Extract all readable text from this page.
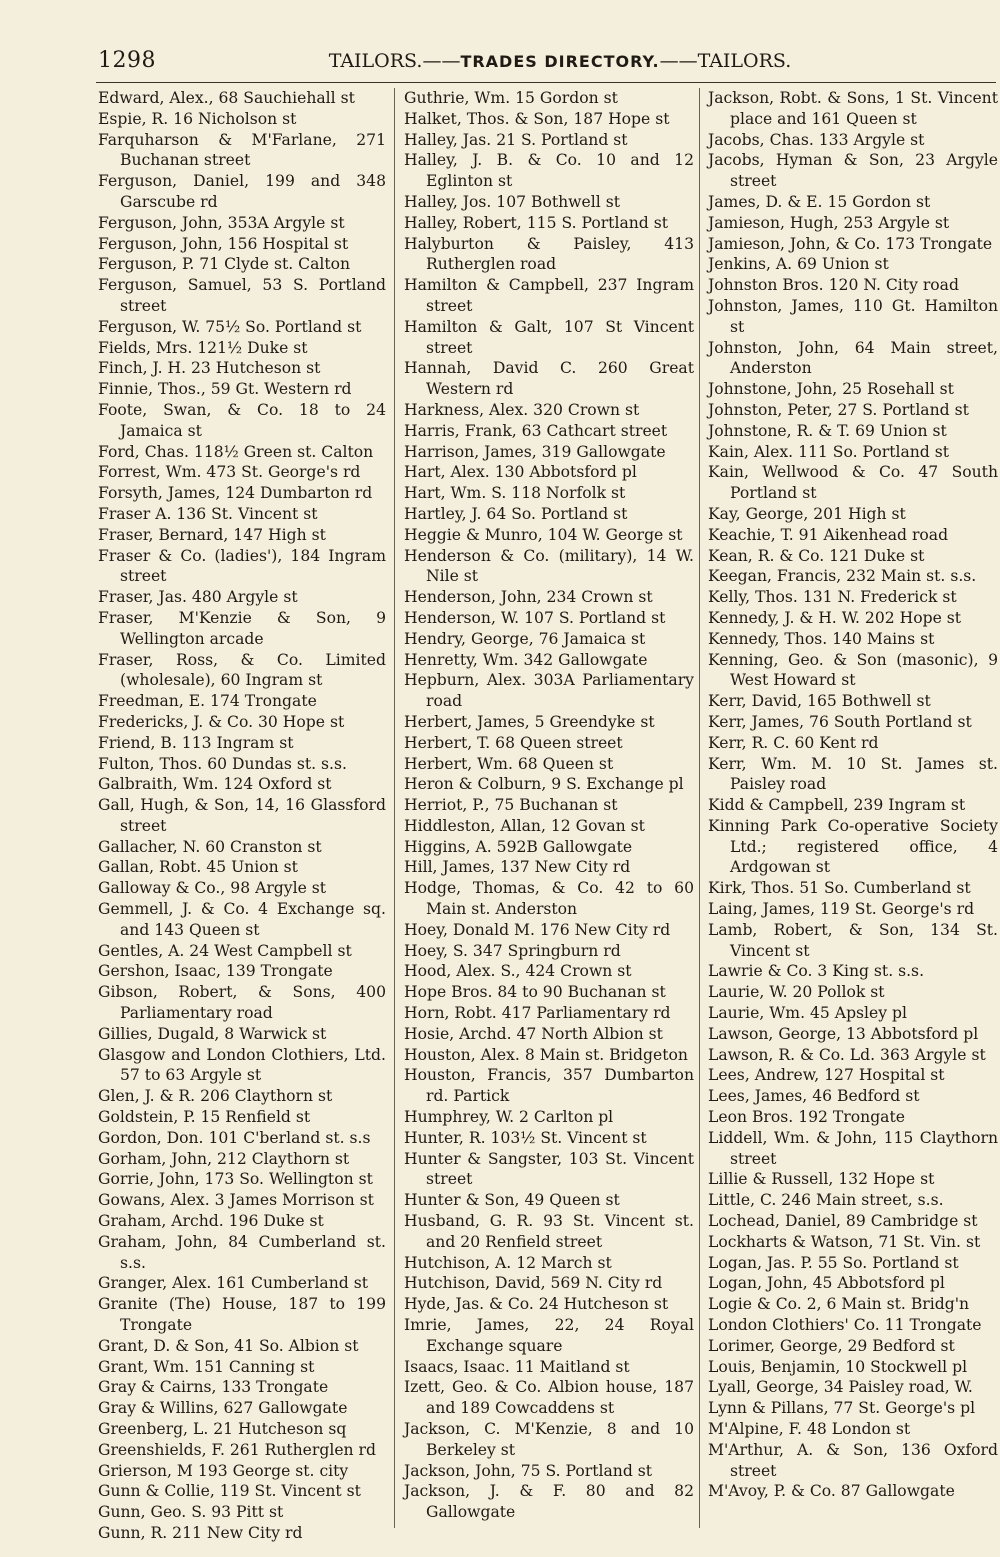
1298	TAILORS.——TRADES DIRECTORY.——TAILORS.

Edward, Alex., 68 Sauchiehall st

Espie, R. 16 Nicholson st

Farquharson & M'Farlane, 271 Buchanan street

Ferguson, Daniel, 199 and 348 Garscube rd

Ferguson, John, 353A Argyle st

Ferguson, John, 156 Hospital st

Ferguson, P. 71 Clyde st. Calton

Ferguson, Samuel, 53 S. Portland street

Ferguson, W. 75½ So. Portland st

Fields, Mrs. 121½ Duke st

Finch, J. H. 23 Hutcheson st

Finnie, Thos., 59 Gt. Western rd

Foote, Swan, & Co. 18 to 24 Jamaica st

Ford, Chas. 118½ Green st. Calton

Forrest, Wm. 473 St. George's rd

Forsyth, James, 124 Dumbarton rd

Fraser A. 136 St. Vincent st

Fraser, Bernard, 147 High st

Fraser & Co. (ladies'), 184 Ingram street

Fraser, Jas. 480 Argyle st

Fraser, M'Kenzie & Son, 9 Wellington arcade

Fraser, Ross, & Co. Limited (wholesale), 60 Ingram st

Freedman, E. 174 Trongate

Fredericks, J. & Co. 30 Hope st

Friend, B. 113 Ingram st

Fulton, Thos. 60 Dundas st. s.s.

Galbraith, Wm. 124 Oxford st

Gall, Hugh, & Son, 14, 16 Glassford street

Gallacher, N. 60 Cranston st

Gallan, Robt. 45 Union st

Galloway & Co., 98 Argyle st

Gemmell, J. & Co. 4 Exchange sq. and 143 Queen st

Gentles, A. 24 West Campbell st

Gershon, Isaac, 139 Trongate

Gibson, Robert, & Sons, 400 Parliamentary road

Gillies, Dugald, 8 Warwick st

Glasgow and London Clothiers, Ltd. 57 to 63 Argyle st

Glen, J. & R. 206 Claythorn st

Goldstein, P. 15 Renfield st

Gordon, Don. 101 C'berland st. s.s

Gorham, John, 212 Claythorn st

Gorrie, John, 173 So. Wellington st

Gowans, Alex. 3 James Morrison st

Graham, Archd. 196 Duke st

Graham, John, 84 Cumberland st. s.s.

Granger, Alex. 161 Cumberland st

Granite (The) House, 187 to 199 Trongate

Grant, D. & Son, 41 So. Albion st

Grant, Wm. 151 Canning st

Gray & Cairns, 133 Trongate

Gray & Willins, 627 Gallowgate

Greenberg, L. 21 Hutcheson sq

Greenshields, F. 261 Rutherglen rd

Grierson, M 193 George st. city

Gunn & Collie, 119 St. Vincent st

Gunn, Geo. S. 93 Pitt st

Gunn, R. 211 New City rd

Guthrie, Wm. 15 Gordon st

Halket, Thos. & Son, 187 Hope st

Halley, Jas. 21 S. Portland st

Halley, J. B. & Co. 10 and 12 Eglinton st

Halley, Jos. 107 Bothwell st

Halley, Robert, 115 S. Portland st

Halyburton & Paisley, 413 Rutherglen road

Hamilton & Campbell, 237 Ingram street

Hamilton & Galt, 107 St Vincent street

Hannah, David C. 260 Great Western rd

Harkness, Alex. 320 Crown st

Harris, Frank, 63 Cathcart street

Harrison, James, 319 Gallowgate

Hart, Alex. 130 Abbotsford pl

Hart, Wm. S. 118 Norfolk st

Hartley, J. 64 So. Portland st

Heggie & Munro, 104 W. George st

Henderson & Co. (military), 14 W. Nile st

Henderson, John, 234 Crown st

Henderson, W. 107 S. Portland st

Hendry, George, 76 Jamaica st

Henretty, Wm. 342 Gallowgate

Hepburn, Alex. 303A Parliamentary road

Herbert, James, 5 Greendyke st

Herbert, T. 68 Queen street

Herbert, Wm. 68 Queen st

Heron & Colburn, 9 S. Exchange pl

Herriot, P., 75 Buchanan st

Hiddleston, Allan, 12 Govan st

Higgins, A. 592B Gallowgate

Hill, James, 137 New City rd

Hodge, Thomas, & Co. 42 to 60 Main st. Anderston

Hoey, Donald M. 176 New City rd

Hoey, S. 347 Springburn rd

Hood, Alex. S., 424 Crown st

Hope Bros. 84 to 90 Buchanan st

Horn, Robt. 417 Parliamentary rd

Hosie, Archd. 47 North Albion st

Houston, Alex. 8 Main st. Bridgeton

Houston, Francis, 357 Dumbarton rd. Partick

Humphrey, W. 2 Carlton pl

Hunter, R. 103½ St. Vincent st

Hunter & Sangster, 103 St. Vincent street

Hunter & Son, 49 Queen st

Husband, G. R. 93 St. Vincent st. and 20 Renfield street

Hutchison, A. 12 March st

Hutchison, David, 569 N. City rd

Hyde, Jas. & Co. 24 Hutcheson st

Imrie, James, 22, 24 Royal Exchange square

Isaacs, Isaac. 11 Maitland st

Izett, Geo. & Co. Albion house, 187 and 189 Cowcaddens st

Jackson, C. M'Kenzie, 8 and 10 Berkeley st

Jackson, John, 75 S. Portland st

Jackson, J. & F. 80 and 82 Gallowgate

Jackson, Robt. & Sons, 1 St. Vincent place and 161 Queen st

Jacobs, Chas. 133 Argyle st

Jacobs, Hyman & Son, 23 Argyle street

James, D. & E. 15 Gordon st

Jamieson, Hugh, 253 Argyle st

Jamieson, John, & Co. 173 Trongate

Jenkins, A. 69 Union st

Johnston Bros. 120 N. City road

Johnston, James, 110 Gt. Hamilton st

Johnston, John, 64 Main street, Anderston

Johnstone, John, 25 Rosehall st

Johnston, Peter, 27 S. Portland st

Johnstone, R. & T. 69 Union st

Kain, Alex. 111 So. Portland st

Kain, Wellwood & Co. 47 South Portland st

Kay, George, 201 High st

Keachie, T. 91 Aikenhead road

Kean, R. & Co. 121 Duke st

Keegan, Francis, 232 Main st. s.s.

Kelly, Thos. 131 N. Frederick st

Kennedy, J. & H. W. 202 Hope st

Kennedy, Thos. 140 Mains st

Kenning, Geo. & Son (masonic), 9 West Howard st

Kerr, David, 165 Bothwell st

Kerr, James, 76 South Portland st

Kerr, R. C. 60 Kent rd

Kerr, Wm. M. 10 St. James st. Paisley road

Kidd & Campbell, 239 Ingram st

Kinning Park Co-operative Society Ltd.; registered office, 4 Ardgowan st

Kirk, Thos. 51 So. Cumberland st

Laing, James, 119 St. George's rd

Lamb, Robert, & Son, 134 St. Vincent st

Lawrie & Co. 3 King st. s.s.

Laurie, W. 20 Pollok st

Laurie, Wm. 45 Apsley pl

Lawson, George, 13 Abbotsford pl

Lawson, R. & Co. Ld. 363 Argyle st

Lees, Andrew, 127 Hospital st

Lees, James, 46 Bedford st

Leon Bros. 192 Trongate

Liddell, Wm. & John, 115 Claythorn street

Lillie & Russell, 132 Hope st

Little, C. 246 Main street, s.s.

Lochead, Daniel, 89 Cambridge st

Lockharts & Watson, 71 St. Vin. st

Logan, Jas. P. 55 So. Portland st

Logan, John, 45 Abbotsford pl

Logie & Co. 2, 6 Main st. Bridg'n

London Clothiers' Co. 11 Trongate

Lorimer, George, 29 Bedford st

Louis, Benjamin, 10 Stockwell pl

Lyall, George, 34 Paisley road, W.

Lynn & Pillans, 77 St. George's pl

M'Alpine, F. 48 London st

M'Arthur, A. & Son, 136 Oxford street

M'Avoy, P. & Co. 87 Gallowgate
